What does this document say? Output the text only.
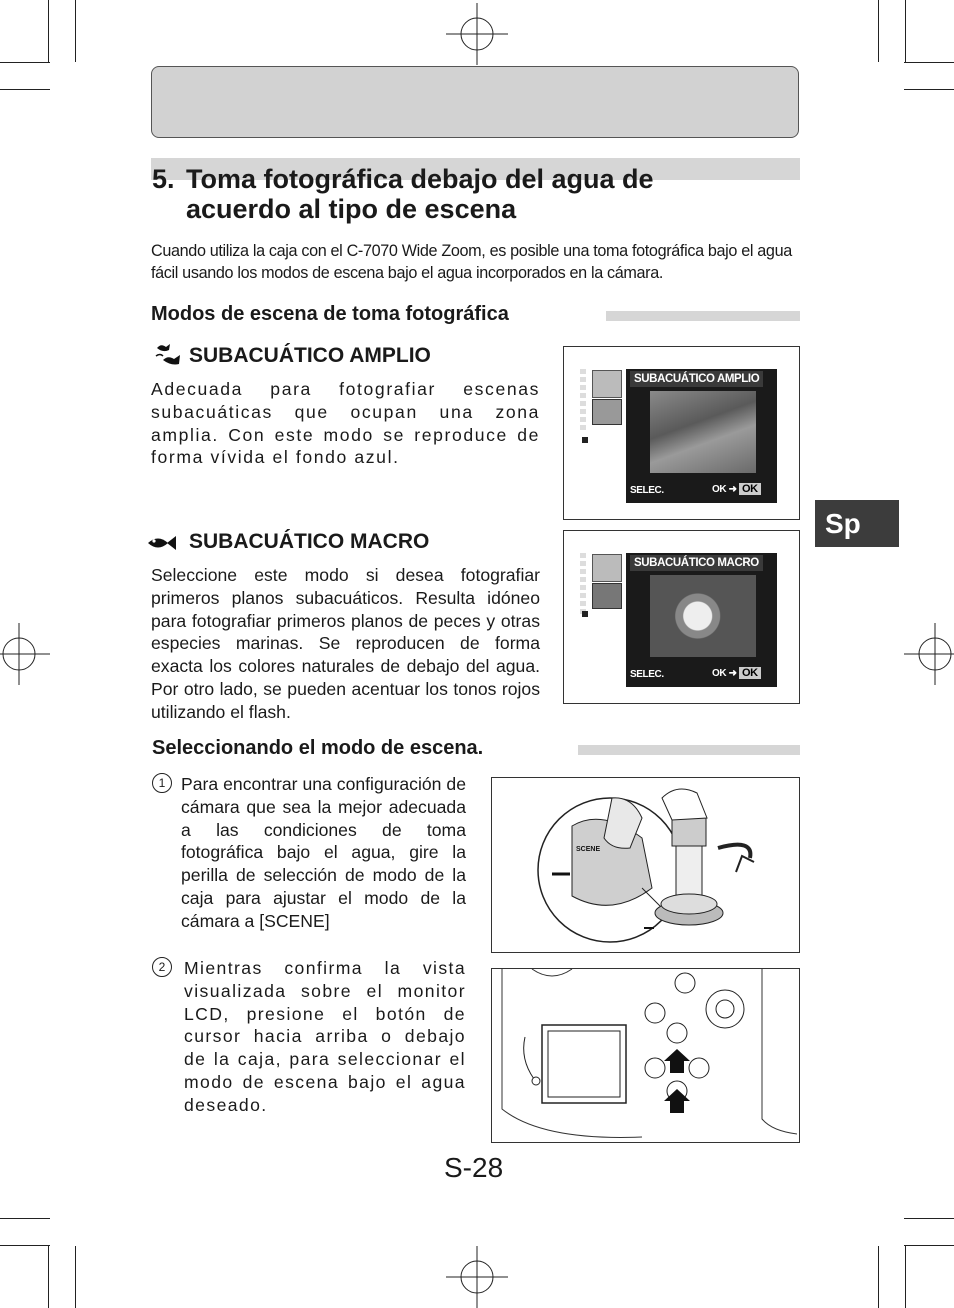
5. Toma fotográfica debajo del agua de
acuerdo al tipo de escena
Cuando utiliza la caja con el C-7070 Wide Zoom, es posible una toma fotográfica bajo el agua fácil usando los modos de escena bajo el agua incorporados en la cámara.
Modos de escena de toma fotográfica
SUBACUÁTICO AMPLIO
Adecuada para fotografiar escenas subacuáticas que ocupan una zona amplia. Con este modo se reproduce de forma vívida el fondo azul.
SUBACUÁTICO AMPLIO
SELEC.	OK ➜ OK
SUBACUÁTICO MACRO
Seleccione este modo si desea fotografiar primeros planos subacuáticos. Resulta idóneo para fotografiar primeros planos de peces y otras especies marinas. Se reproducen de forma exacta los colores naturales de debajo del agua. Por otro lado, se pueden acentuar los tonos rojos utilizando el flash.
SUBACUÁTICO MACRO
SELEC.	OK ➜ OK
Seleccionando el modo de escena.
1 Para encontrar una configuración de cámara que sea la mejor adecuada a las condiciones de toma fotográfica bajo el agua, gire la perilla de selección de modo de la caja para ajustar el modo de la cámara a [SCENE]
2	Mientras confirma la vista visualizada sobre el monitor LCD, presione el botón de cursor hacia arriba o debajo de la caja, para seleccionar el modo de escena bajo el agua deseado.
SCENE
Sp
S-28
